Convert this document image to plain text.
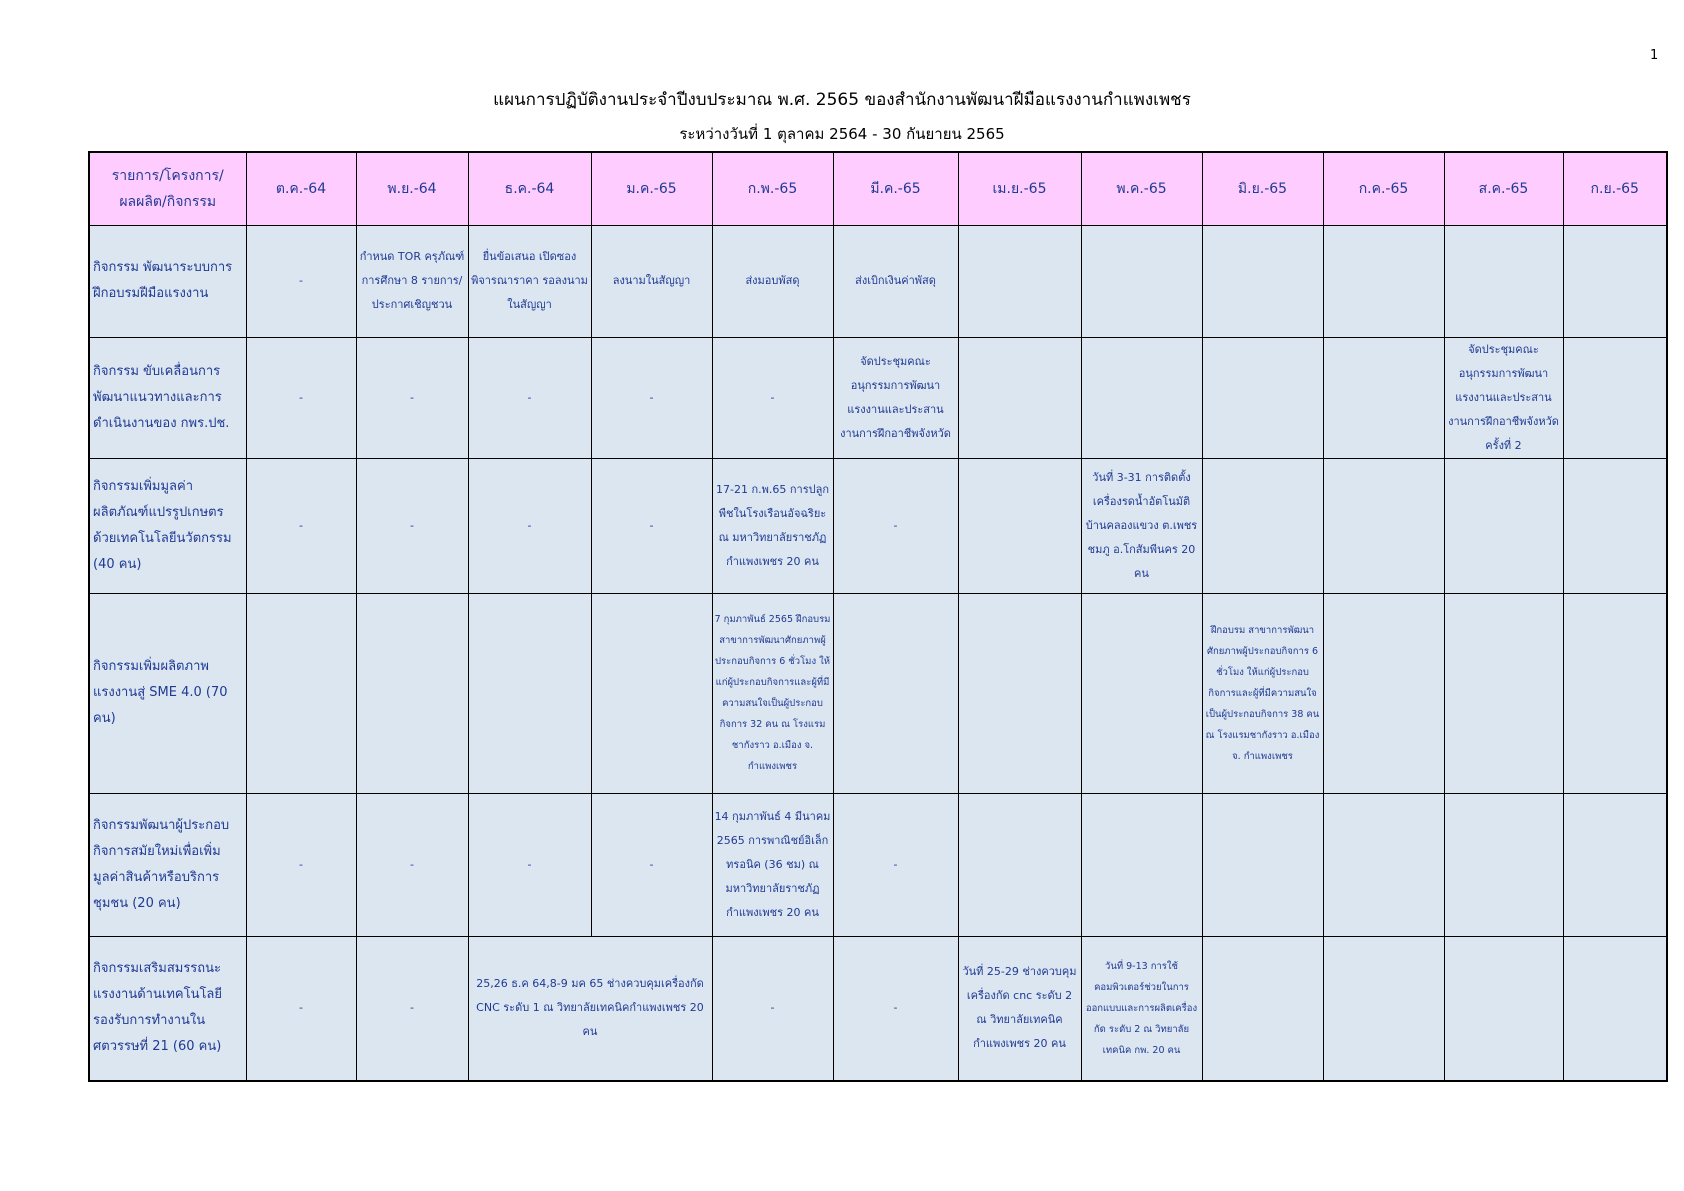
1
แผนการปฏิบัติงานประจำปีงบประมาณ พ.ศ. 2565 ของสำนักงานพัฒนาฝีมือแรงงานกำแพงเพชร
ระหว่างวันที่ 1 ตุลาคม 2564 - 30 กันยายน 2565
รายการ/โครงการ/ ผลผลิต/กิจกรรม	ต.ค.-64	พ.ย.-64	ธ.ค.-64	ม.ค.-65	ก.พ.-65	มี.ค.-65	เม.ย.-65	พ.ค.-65	มิ.ย.-65	ก.ค.-65	ส.ค.-65	ก.ย.-65
กิจกรรม พัฒนาระบบการฝึกอบรมฝีมือแรงงาน	-	กำหนด TOR ครุภัณฑ์การศึกษา 8 รายการ/ประกาศเชิญชวน	ยื่นข้อเสนอ เปิดซอง พิจารณาราคา รอลงนามในสัญญา	ลงนามในสัญญา	ส่งมอบพัสดุ	ส่งเบิกเงินค่าพัสดุ						
กิจกรรม ขับเคลื่อนการพัฒนาแนวทางและการดำเนินงานของ กพร.ปช.	-	-	-	-	-	จัดประชุมคณะอนุกรรมการพัฒนาแรงงานและประสานงานการฝึกอาชีพจังหวัด					จัดประชุมคณะอนุกรรมการพัฒนาแรงงานและประสานงานการฝึกอาชีพจังหวัด ครั้งที่ 2	
กิจกรรมเพิ่มมูลค่าผลิตภัณฑ์แปรรูปเกษตรด้วยเทคโนโลยีนวัตกรรม (40 คน)	-	-	-	-	17-21 ก.พ.65 การปลูกพืชในโรงเรือนอัจฉริยะ ณ มหาวิทยาลัยราชภัฏกำแพงเพชร 20 คน	-		วันที่ 3-31 การติดตั้งเครื่องรดน้ำอัตโนมัติ บ้านคลองแขวง ต.เพชรชมภู อ.โกสัมพีนคร 20 คน				
กิจกรรมเพิ่มผลิตภาพแรงงานสู่ SME 4.0 (70 คน)					7 กุมภาพันธ์ 2565 ฝึกอบรม สาขาการพัฒนาศักยภาพผู้ประกอบกิจการ 6 ชั่วโมง ให้แก่ผู้ประกอบกิจการและผู้ที่มีความสนใจเป็นผู้ประกอบกิจการ 32 คน ณ โรงแรมชากังราว อ.เมือง จ. กำแพงเพชร				ฝึกอบรม สาขาการพัฒนาศักยภาพผู้ประกอบกิจการ 6 ชั่วโมง ให้แก่ผู้ประกอบกิจการและผู้ที่มีความสนใจเป็นผู้ประกอบกิจการ 38 คน ณ โรงแรมชากังราว อ.เมือง จ. กำแพงเพชร			
กิจกรรมพัฒนาผู้ประกอบกิจการสมัยใหม่เพื่อเพิ่มมูลค่าสินค้าหรือบริการชุมชน (20 คน)	-	-	-	-	14 กุมภาพันธ์ 4 มีนาคม 2565 การพาณิชย์อิเล็กทรอนิค (36 ชม) ณ มหาวิทยาลัยราชภัฏกำแพงเพชร 20 คน	-						
กิจกรรมเสริมสมรรถนะแรงงานด้านเทคโนโลยีรองรับการทำงานในศตวรรษที่ 21 (60 คน)	-	-	25,26 ธ.ค 64,8-9 มค 65 ช่างควบคุมเครื่องกัด CNC ระดับ 1 ณ วิทยาลัยเทคนิคกำแพงเพชร 20 คน		-	-	วันที่ 25-29 ช่างควบคุมเครื่องกัด cnc ระดับ 2 ณ วิทยาลัยเทคนิคกำแพงเพชร 20 คน	วันที่ 9-13 การใช้คอมพิวเตอร์ช่วยในการออกแบบและการผลิตเครื่องกัด ระดับ 2 ณ วิทยาลัยเทคนิค กพ. 20 คน				
